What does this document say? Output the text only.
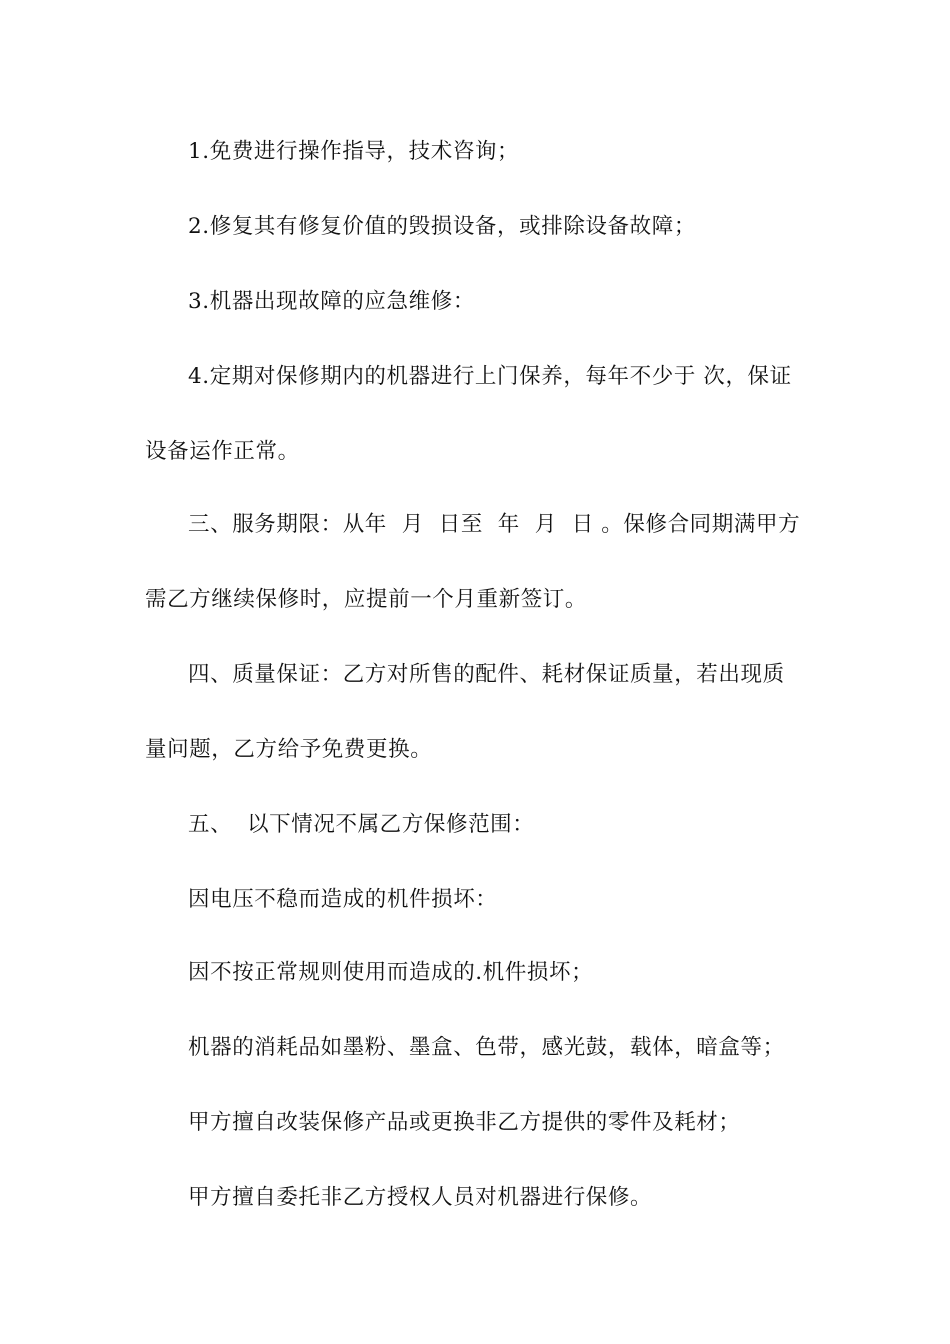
1.免费进行操作指导，技术咨询；
2.修复其有修复价值的毁损设备，或排除设备故障；
3.机器出现故障的应急维修：
4.定期对保修期内的机器进行上门保养，每年不少于 次，保证
设备运作正常。
三、服务期限：从年  月  日至  年  月  日 。保修合同期满甲方
需乙方继续保修时，应提前一个月重新签订。
四、质量保证：乙方对所售的配件、耗材保证质量，若出现质
量问题，乙方给予免费更换。
五、  以下情况不属乙方保修范围：
因电压不稳而造成的机件损坏：
因不按正常规则使用而造成的.机件损坏；
机器的消耗品如墨粉、墨盒、色带，感光鼓，载体，暗盒等；
甲方擅自改装保修产品或更换非乙方提供的零件及耗材；
甲方擅自委托非乙方授权人员对机器进行保修。
